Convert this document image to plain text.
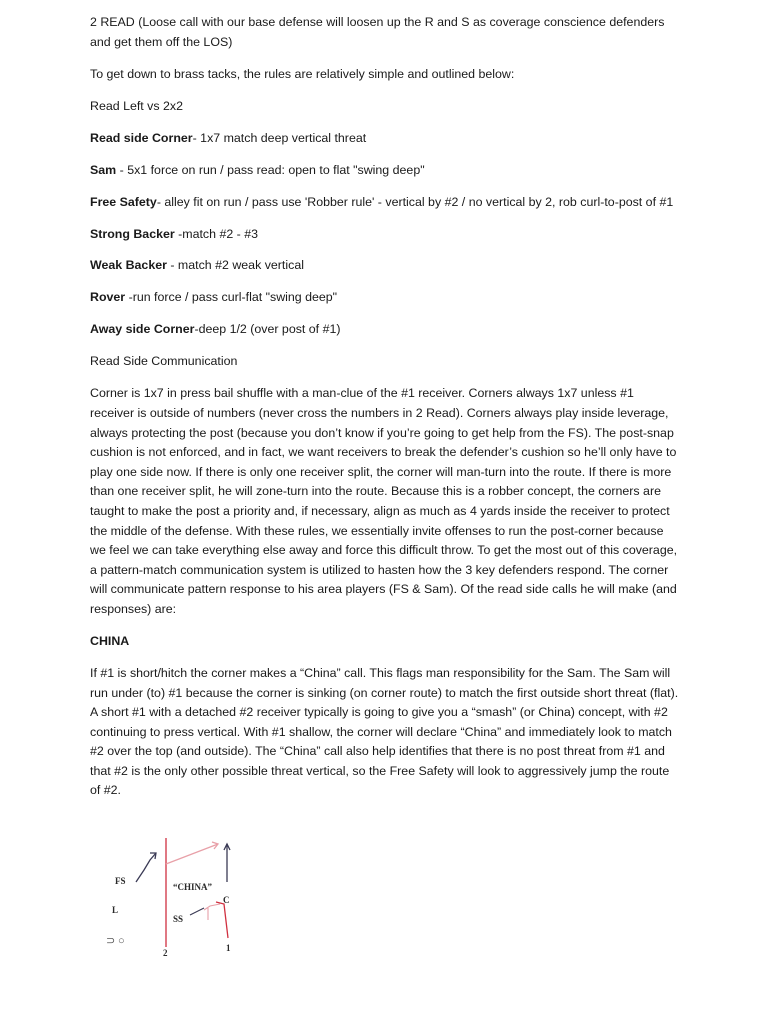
2 READ (Loose call with our base defense will loosen up the R and S as coverage conscience defenders and get them off the LOS)

To get down to brass tacks, the rules are relatively simple and outlined below:

Read Left vs 2x2

Read side Corner- 1x7 match deep vertical threat

Sam - 5x1 force on run / pass read: open to flat "swing deep"

Free Safety- alley fit on run / pass use 'Robber rule' - vertical by #2 / no vertical by 2, rob curl-to-post of #1

Strong Backer -match #2 - #3

Weak Backer - match #2 weak vertical

Rover -run force / pass curl-flat "swing deep"

Away side Corner-deep 1/2 (over post of #1)

Read Side Communication

Corner is 1x7 in press bail shuffle with a man-clue of the #1 receiver. Corners always 1x7 unless #1 receiver is outside of numbers (never cross the numbers in 2 Read). Corners always play inside leverage, always protecting the post (because you don’t know if you’re going to get help from the FS). The post-snap cushion is not enforced, and in fact, we want receivers to break the defender’s cushion so he’ll only have to play one side now. If there is only one receiver split, the corner will man-turn into the route. If there is more than one receiver split, he will zone-turn into the route. Because this is a robber concept, the corners are taught to make the post a priority and, if necessary, align as much as 4 yards inside the receiver to protect the middle of the defense. With these rules, we essentially invite offenses to run the post-corner because we feel we can take everything else away and force this difficult throw. To get the most out of this coverage, a pattern-match communication system is utilized to hasten how the 3 key defenders respond. The corner will communicate pattern response to his area players (FS & Sam). Of the read side calls he will make (and responses) are:

CHINA

If #1 is short/hitch the corner makes a “China” call. This flags man responsibility for the Sam. The Sam will run under (to) #1 because the corner is sinking (on corner route) to match the first outside short threat (flat). A short #1 with a detached #2 receiver typically is going to give you a “smash” (or China) concept, with #2 continuing to press vertical. With #1 shallow, the corner will declare “China” and immediately look to match #2 over the top (and outside). The “China” call also help identifies that there is no post threat from #1 and that #2 is the only other possible threat vertical, so the Free Safety will look to aggressively jump the route of #2.

FS
“CHINA”
C
L
SS
2	1
⊃ ○
